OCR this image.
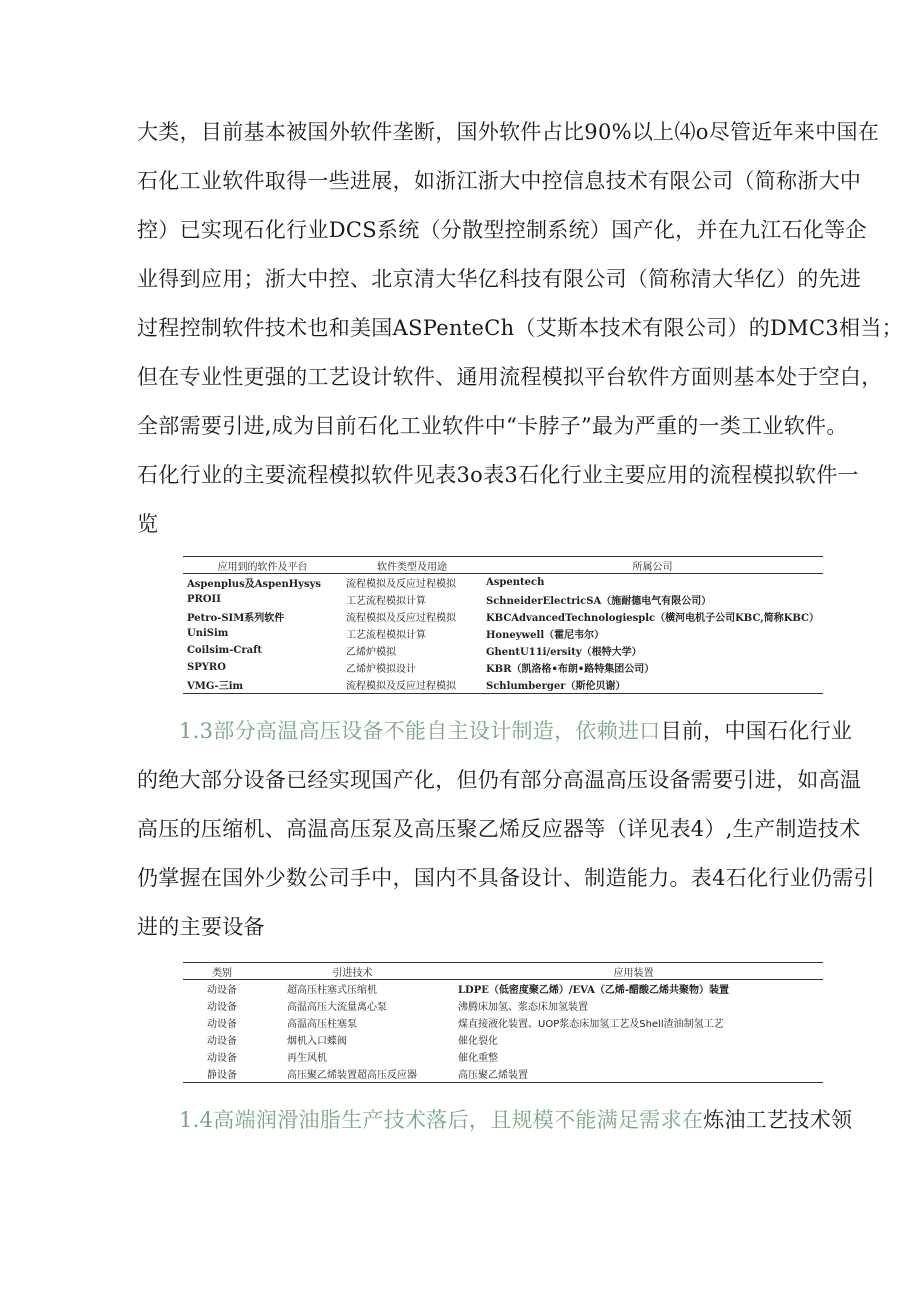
大类，目前基本被国外软件垄断，国外软件占比90%以上⑷o尽管近年来中国在
石化工业软件取得一些进展，如浙江浙大中控信息技术有限公司（简称浙大中
控）已实现石化行业DCS系统（分散型控制系统）国产化，并在九江石化等企
业得到应用；浙大中控、北京清大华亿科技有限公司（简称清大华亿）的先进
过程控制软件技术也和美国ASPenteCh（艾斯本技术有限公司）的DMC3相当；
但在专业性更强的工艺设计软件、通用流程模拟平台软件方面则基本处于空白，
全部需要引进,成为目前石化工业软件中“卡脖子”最为严重的一类工业软件。
石化行业的主要流程模拟软件见表3o表3石化行业主要应用的流程模拟软件一
览
应用到的软件及平台	软件类型及用途	所属公司
Aspenplus及AspenHysys	流程模拟及反应过程模拟	Aspentech
PROII	工艺流程模拟计算	SchneiderElectricSA（施耐德电气有限公司）
Petro-SIM系列软件	流程模拟及反应过程模拟	KBCAdvancedTechnologiesplc（横河电机子公司KBC,简称KBC）
UniSim	工艺流程模拟计算	Honeywell（霍尼韦尔）
Coilsim-Craft	乙烯炉模拟	GhentU11i/ersity（根特大学）
SPYRO	乙烯炉模拟设计	KBR（凯洛格•布朗•路特集团公司）
VMG-三im	流程模拟及反应过程模拟	Schlumberger（斯伦贝谢）
1.3部分高温高压设备不能自主设计制造，依赖进口目前，中国石化行业
的绝大部分设备已经实现国产化，但仍有部分高温高压设备需要引进，如高温
高压的压缩机、高温高压泵及高压聚乙烯反应器等（详见表4）,生产制造技术
仍掌握在国外少数公司手中，国内不具备设计、制造能力。表4石化行业仍需引
进的主要设备
类别	引进技术	应用装置
动设备	超高压柱塞式压缩机	LDPE（低密度聚乙烯）/EVA（乙烯-醋酸乙烯共聚物）装置
动设备	高温高压大流量离心泵	沸腾床加氢、浆态床加氢装置
动设备	高温高压柱塞泵	煤直接液化装置、UOP浆态床加氢工艺及Shell渣油制氢工艺
动设备	烟机入口蝶阀	催化裂化
动设备	再生风机	催化重整
静设备	高压聚乙烯装置超高压反应器	高压聚乙烯装置
1.4高端润滑油脂生产技术落后，且规模不能满足需求在炼油工艺技术领
